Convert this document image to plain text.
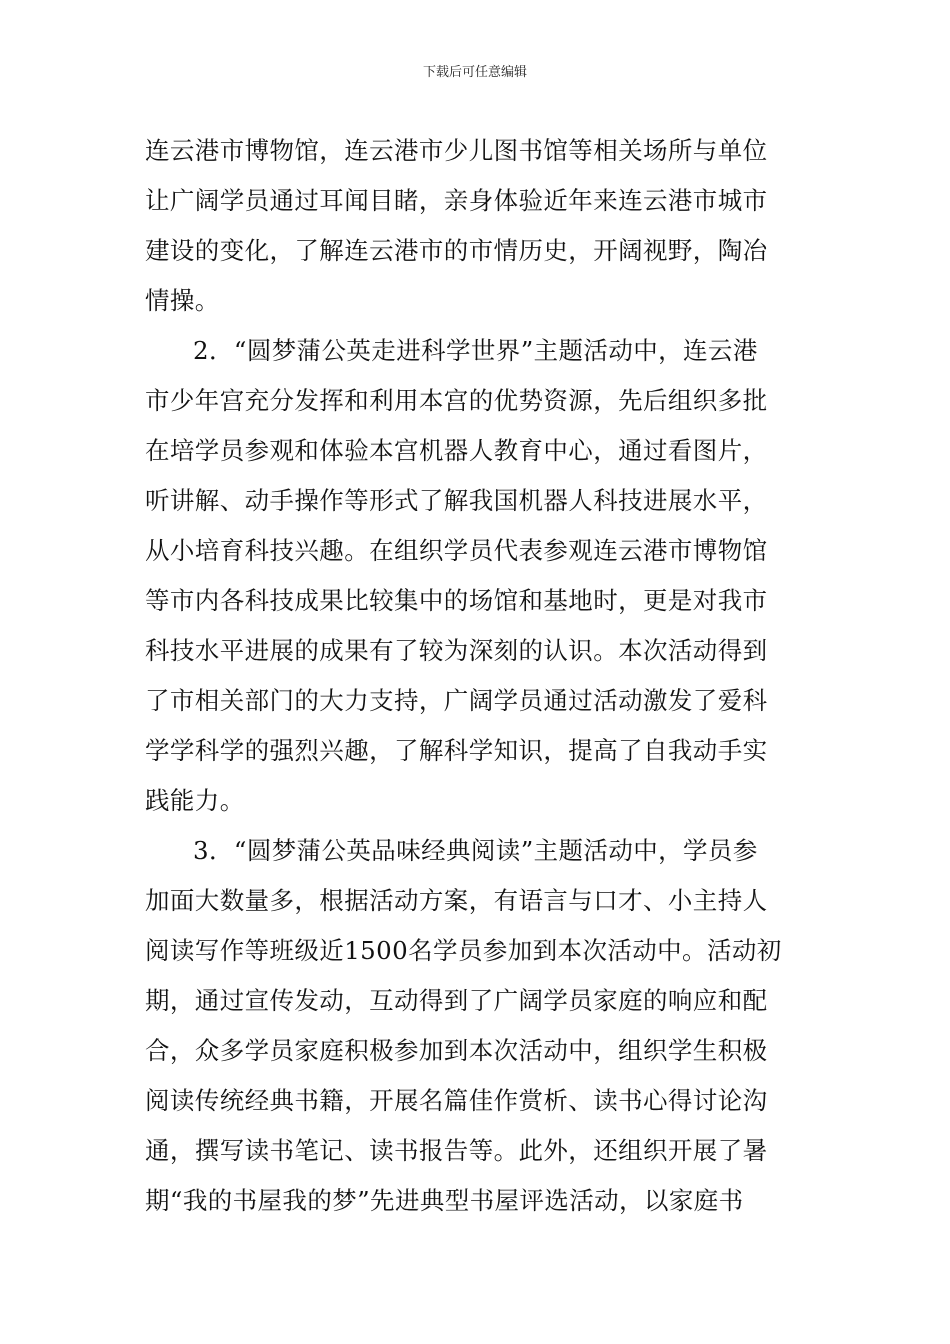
下载后可任意编辑
连云港市博物馆，连云港市少儿图书馆等相关场所与单位
让广阔学员通过耳闻目睹，亲身体验近年来连云港市城市
建设的变化，了解连云港市的市情历史，开阔视野，陶冶
情操。
2．“圆梦蒲公英走进科学世界”主题活动中，连云港
市少年宫充分发挥和利用本宫的优势资源，先后组织多批
在培学员参观和体验本宫机器人教育中心，通过看图片，
听讲解、动手操作等形式了解我国机器人科技进展水平，
从小培育科技兴趣。在组织学员代表参观连云港市博物馆
等市内各科技成果比较集中的场馆和基地时，更是对我市
科技水平进展的成果有了较为深刻的认识。本次活动得到
了市相关部门的大力支持，广阔学员通过活动激发了爱科
学学科学的强烈兴趣，了解科学知识，提高了自我动手实
践能力。
3．“圆梦蒲公英品味经典阅读”主题活动中，学员参
加面大数量多，根据活动方案，有语言与口才、小主持人
阅读写作等班级近1500名学员参加到本次活动中。活动初
期，通过宣传发动，互动得到了广阔学员家庭的响应和配
合，众多学员家庭积极参加到本次活动中，组织学生积极
阅读传统经典书籍，开展名篇佳作赏析、读书心得讨论沟
通，撰写读书笔记、读书报告等。此外，还组织开展了暑
期“我的书屋我的梦”先进典型书屋评选活动，以家庭书
